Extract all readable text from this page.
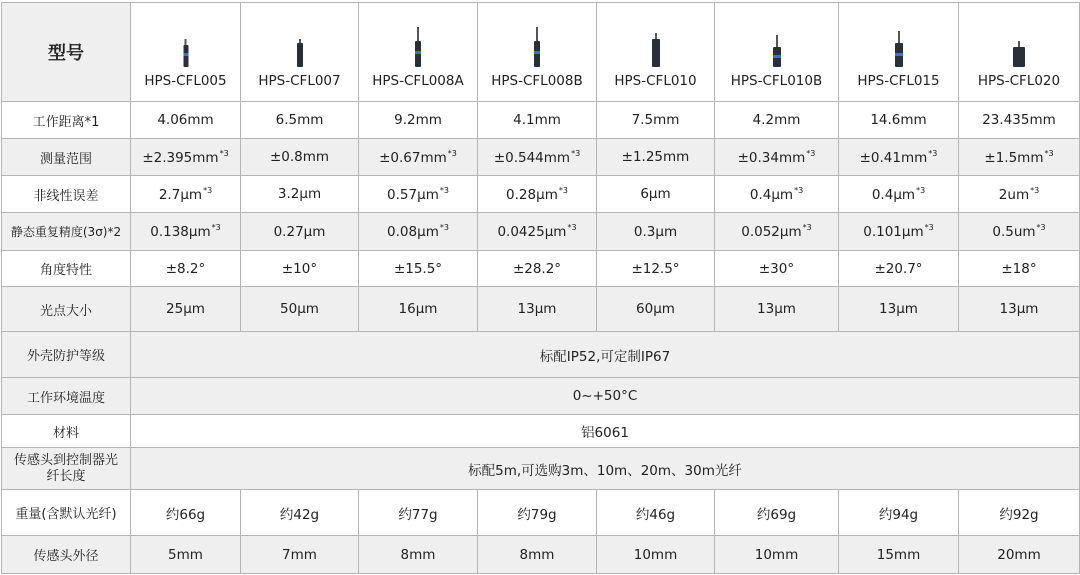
型号	HPS-CFL005	HPS-CFL007	HPS-CFL008A	HPS-CFL008B	HPS-CFL010	HPS-CFL010B	HPS-CFL015	HPS-CFL020

工作距离*1	4.06mm	6.5mm	9.2mm	4.1mm	7.5mm	4.2mm	14.6mm	23.435mm
测量范围	$\pm 2.395mm^{*3}$	±0.8mm	$\pm 0.67mm^{*3}$	$\pm 0.544mm^{*3}$	±1.25mm	$\pm 0.34mm^{*3}$	$\pm 0.41mm^{*3}$	$\pm 1.5mm^{*3}$
非线性误差	$2.7\mu m^{*3}$	3.2μm	$0.57\mu m^{*3}$	$0.28\mu m^{*3}$	6μm	$0.4\mu m^{*3}$	$0.4\mu m^{*3}$	$2um^{*3}$
静态重复精度(3σ)*2	$0.138\mu m^{*3}$	0.27μm	$0.08\mu m^{*3}$	$0.0425\mu m^{*3}$	0.3μm	$0.052\mu m^{*3}$	$0.101\mu m^{*3}$	$0.5um^{*3}$
角度特性	±8.2°	±10°	±15.5°	±28.2°	±12.5°	±30°	±20.7°	±18°
光点大小	25μm	50μm	16μm	13μm	60μm	13μm	13μm	13μm
外壳防护等级	标配IP52,可定制IP67							
工作环境温度	0~+50°C							
材料	铝6061							
传感头到控制器光纤长度	标配5m,可选购3m、10m、20m、30m光纤							
重量(含默认光纤)	约66g	约42g	约77g	约79g	约46g	约69g	约94g	约92g
传感头外径	5mm	7mm	8mm	8mm	10mm	10mm	15mm	20mm
